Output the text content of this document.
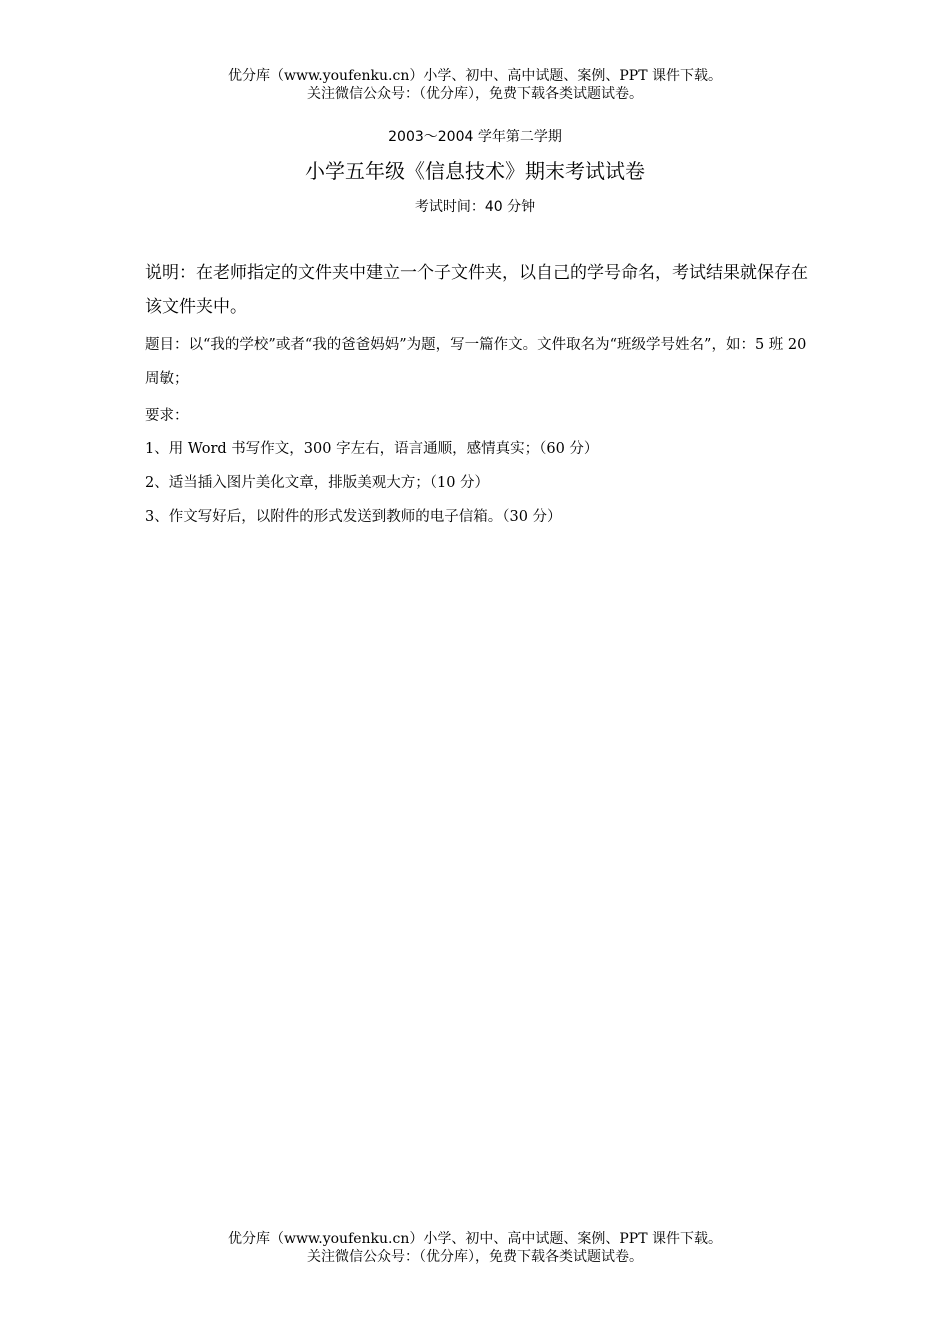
优分库（www.youfenku.cn）小学、初中、高中试题、案例、PPT 课件下载。
关注微信公众号：（优分库），免费下载各类试题试卷。
2003～2004 学年第二学期
小学五年级《信息技术》期末考试试卷
考试时间：40 分钟
说明：在老师指定的文件夹中建立一个子文件夹，以自己的学号命名，考试结果就保存在该文件夹中。
题目：以“我的学校”或者“我的爸爸妈妈”为题，写一篇作文。文件取名为“班级学号姓名”，如：5 班 20 周敏；
要求：
1、用 Word 书写作文，300 字左右，语言通顺，感情真实；（60 分）
2、适当插入图片美化文章，排版美观大方；（10 分）
3、作文写好后，以附件的形式发送到教师的电子信箱。（30 分）
优分库（www.youfenku.cn）小学、初中、高中试题、案例、PPT 课件下载。
关注微信公众号：（优分库），免费下载各类试题试卷。
